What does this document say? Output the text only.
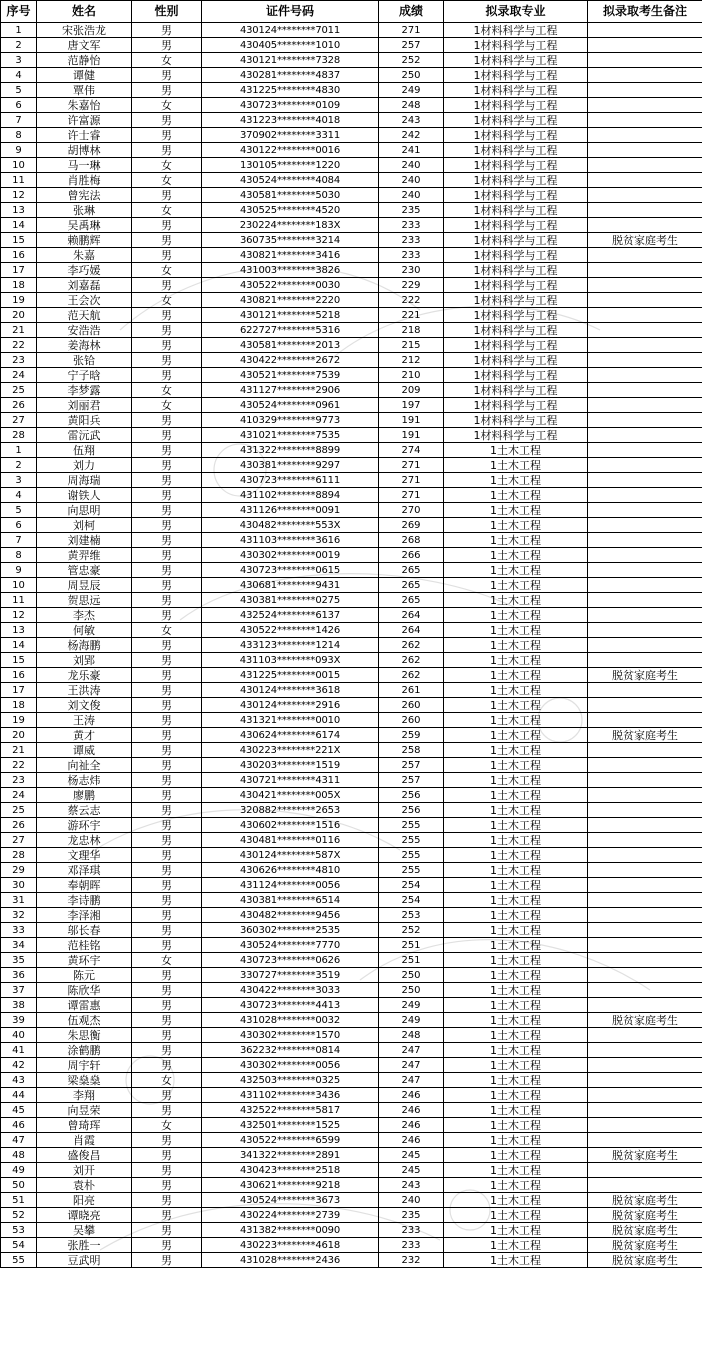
序号	姓名	性别	证件号码	成绩	拟录取专业	拟录取考生备注
1	宋张浩龙	男	430124********7011	271	1材料科学与工程	
2	唐文军	男	430405********1010	257	1材料科学与工程	
3	范静怡	女	430121********7328	252	1材料科学与工程	
4	谭健	男	430281********4837	250	1材料科学与工程	
5	覃伟	男	431225********4830	249	1材料科学与工程	
6	朱嘉怡	女	430723********0109	248	1材料科学与工程	
7	许富源	男	431223********4018	243	1材料科学与工程	
8	许士睿	男	370902********3311	242	1材料科学与工程	
9	胡博林	男	430122********0016	241	1材料科学与工程	
10	马一琳	女	130105********1220	240	1材料科学与工程	
11	肖胜梅	女	430524********4084	240	1材料科学与工程	
12	曾宪法	男	430581********5030	240	1材料科学与工程	
13	张琳	女	430525********4520	235	1材料科学与工程	
14	吴禹琳	男	230224********183X	233	1材料科学与工程	
15	赖鹏辉	男	360735********3214	233	1材料科学与工程	脱贫家庭考生
16	朱嘉	男	430821********3416	233	1材料科学与工程	
17	李巧媛	女	431003********3826	230	1材料科学与工程	
18	刘嘉磊	男	430522********0030	229	1材料科学与工程	
19	王会次	女	430821********2220	222	1材料科学与工程	
20	范天航	男	430121********5218	221	1材料科学与工程	
21	安浩浩	男	622727********5316	218	1材料科学与工程	
22	姜海林	男	430581********2013	215	1材料科学与工程	
23	张铪	男	430422********2672	212	1材料科学与工程	
24	宁子晗	男	430521********7539	210	1材料科学与工程	
25	李梦露	女	431127********2906	209	1材料科学与工程	
26	刘丽君	女	430524********0961	197	1材料科学与工程	
27	黄阳兵	男	410329********9773	191	1材料科学与工程	
28	雷沅武	男	431021********7535	191	1材料科学与工程	
1	伍翔	男	431322********8899	274	1土木工程	
2	刘力	男	430381********9297	271	1土木工程	
3	周海瑞	男	430723********6111	271	1土木工程	
4	谢铁人	男	431102********8894	271	1土木工程	
5	向思明	男	431126********0091	270	1土木工程	
6	刘柯	男	430482********553X	269	1土木工程	
7	刘建楠	男	431103********3616	268	1土木工程	
8	黄羿维	男	430302********0019	266	1土木工程	
9	管忠豪	男	430723********0615	265	1土木工程	
10	周昱辰	男	430681********9431	265	1土木工程	
11	贺思远	男	430381********0275	265	1土木工程	
12	李杰	男	432524********6137	264	1土木工程	
13	何敏	女	430522********1426	264	1土木工程	
14	杨海鹏	男	433123********1214	262	1土木工程	
15	刘郢	男	431103********093X	262	1土木工程	
16	龙乐豪	男	431225********0015	262	1土木工程	脱贫家庭考生
17	王洪涛	男	430124********3618	261	1土木工程	
18	刘文俊	男	430124********2916	260	1土木工程	
19	王涛	男	431321********0010	260	1土木工程	
20	黄才	男	430624********6174	259	1土木工程	脱贫家庭考生
21	谭威	男	430223********221X	258	1土木工程	
22	向祉全	男	430203********1519	257	1土木工程	
23	杨志炜	男	430721********4311	257	1土木工程	
24	廖鹏	男	430421********005X	256	1土木工程	
25	蔡云志	男	320882********2653	256	1土木工程	
26	游环宇	男	430602********1516	255	1土木工程	
27	龙忠林	男	430481********0116	255	1土木工程	
28	文理华	男	430124********587X	255	1土木工程	
29	邓泽琪	男	430626********4810	255	1土木工程	
30	奉朝晖	男	431124********0056	254	1土木工程	
31	李诗鹏	男	430381********6514	254	1土木工程	
32	李泽湘	男	430482********9456	253	1土木工程	
33	邬长春	男	360302********2535	252	1土木工程	
34	范桂铭	男	430524********7770	251	1土木工程	
35	黄环宇	女	430723********0626	251	1土木工程	
36	陈元	男	330727********3519	250	1土木工程	
37	陈欣华	男	430422********3033	250	1土木工程	
38	谭雷惠	男	430723********4413	249	1土木工程	
39	伍观杰	男	431028********0032	249	1土木工程	脱贫家庭考生
40	朱思衡	男	430302********1570	248	1土木工程	
41	涂鹤鹏	男	362232********0814	247	1土木工程	
42	周宇轩	男	430302********0056	247	1土木工程	
43	梁燊燊	女	432503********0325	247	1土木工程	
44	李翔	男	431102********3436	246	1土木工程	
45	向昱荣	男	432522********5817	246	1土木工程	
46	曾琦珲	女	432501********1525	246	1土木工程	
47	肖霞	男	430522********6599	246	1土木工程	
48	盛俊昌	男	341322********2891	245	1土木工程	脱贫家庭考生
49	刘开	男	430423********2518	245	1土木工程	
50	袁朴	男	430621********9218	243	1土木工程	
51	阳亮	男	430524********3673	240	1土木工程	脱贫家庭考生
52	谭晓亮	男	430224********2739	235	1土木工程	脱贫家庭考生
53	吴攀	男	431382********0090	233	1土木工程	脱贫家庭考生
54	张胜一	男	430223********4618	233	1土木工程	脱贫家庭考生
55	豆武明	男	431028********2436	232	1土木工程	脱贫家庭考生
